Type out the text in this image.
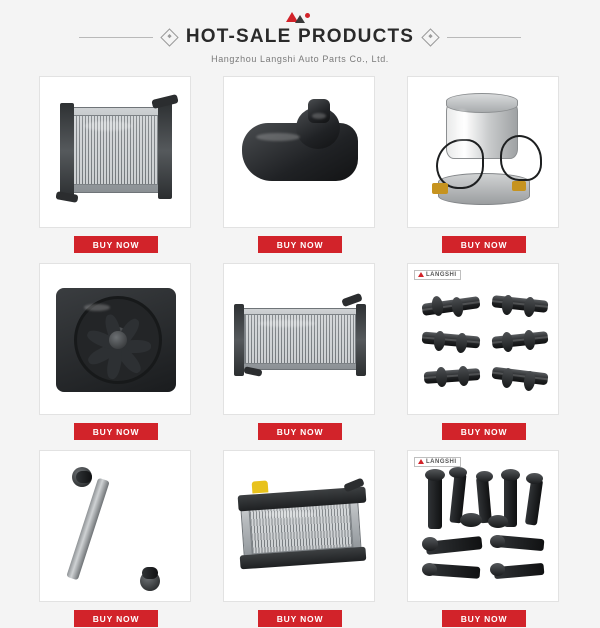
HOT-SALE PRODUCTS
Hangzhou Langshi Auto Parts Co., Ltd.
BUY NOW	BUY NOW	BUY NOW
BUY NOW	BUY NOW
LANGSHI
BUY NOW
BUY NOW	BUY NOW
LANGSHI
BUY NOW
